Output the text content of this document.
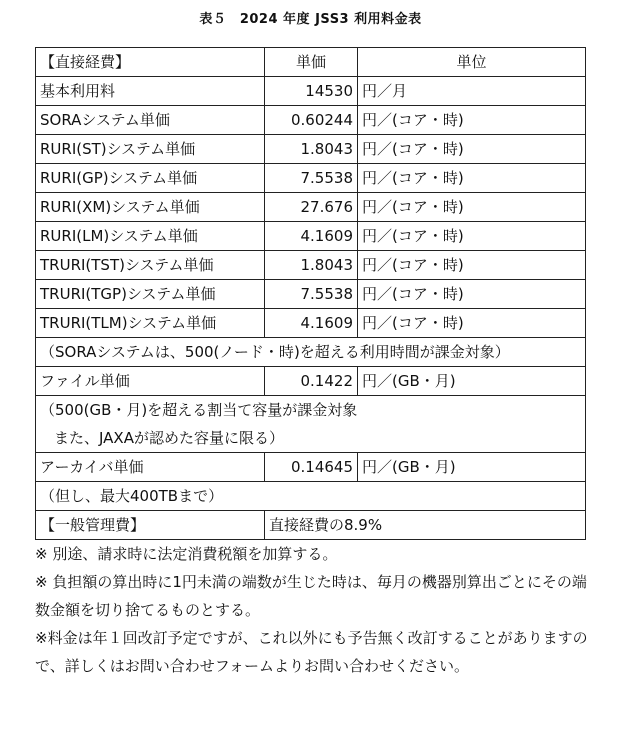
表５　2024 年度 JSS3 利用料金表
【直接経費】	単価	単位
基本利用料	14530	円／月
SORAシステム単価	0.60244	円／(コア・時)
RURI(ST)システム単価	1.8043	円／(コア・時)
RURI(GP)システム単価	7.5538	円／(コア・時)
RURI(XM)システム単価	27.676	円／(コア・時)
RURI(LM)システム単価	4.1609	円／(コア・時)
TRURI(TST)システム単価	1.8043	円／(コア・時)
TRURI(TGP)システム単価	7.5538	円／(コア・時)
TRURI(TLM)システム単価	4.1609	円／(コア・時)
（SORAシステムは、500(ノード・時)を超える利用時間が課金対象）		
ファイル単価	0.1422	円／(GB・月)

（500(GB・月)を超える割当て容量が課金対象
また、JAXAが認めた容量に限る）		

アーカイバ単価	0.14645	円／(GB・月)
（但し、最大400TBまで）		
【一般管理費】	直接経費の8.9%	

※ 別途、請求時に法定消費税額を加算する。

※ 負担額の算出時に1円未満の端数が生じた時は、毎月の機器別算出ごとにその端数金額を切り捨てるものとする。

※料金は年１回改訂予定ですが、これ以外にも予告無く改訂することがありますので、詳しくはお問い合わせフォームよりお問い合わせください。
